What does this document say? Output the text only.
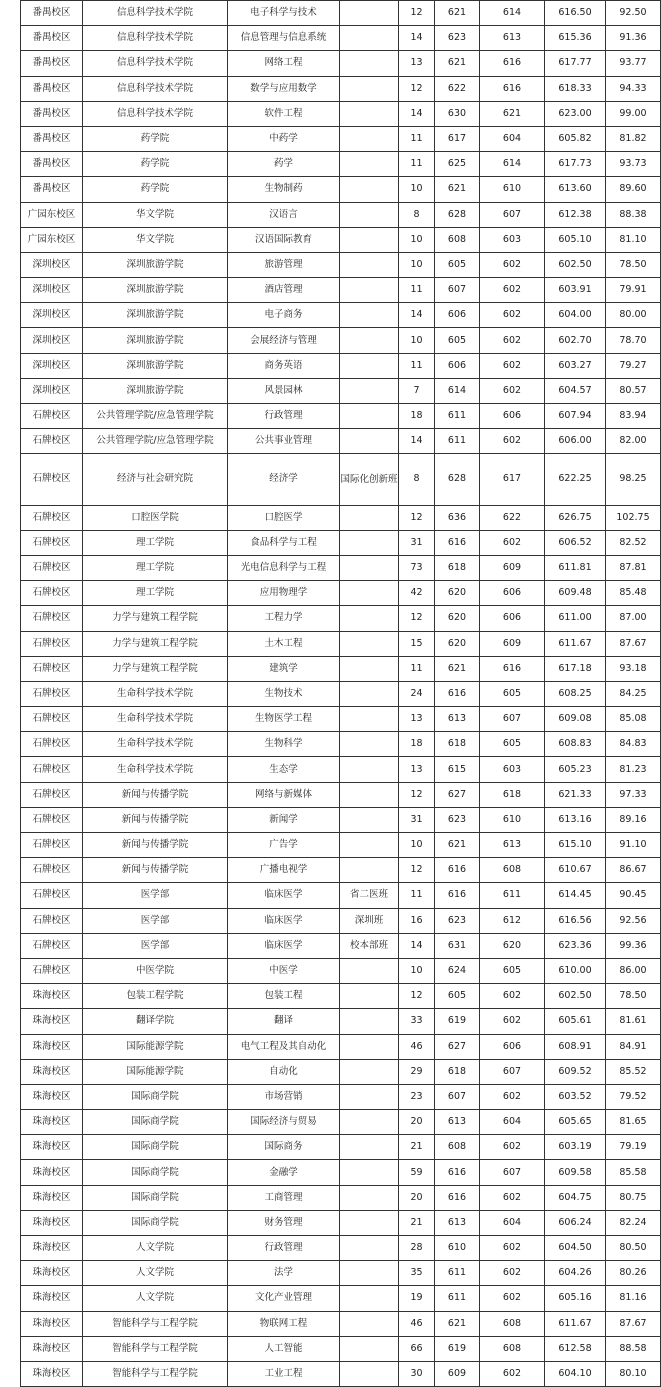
番禺校区	信息科学技术学院	电子科学与技术		12	621	614	616.50	92.50
番禺校区	信息科学技术学院	信息管理与信息系统		14	623	613	615.36	91.36
番禺校区	信息科学技术学院	网络工程		13	621	616	617.77	93.77
番禺校区	信息科学技术学院	数学与应用数学		12	622	616	618.33	94.33
番禺校区	信息科学技术学院	软件工程		14	630	621	623.00	99.00
番禺校区	药学院	中药学		11	617	604	605.82	81.82
番禺校区	药学院	药学		11	625	614	617.73	93.73
番禺校区	药学院	生物制药		10	621	610	613.60	89.60
广园东校区	华文学院	汉语言		8	628	607	612.38	88.38
广园东校区	华文学院	汉语国际教育		10	608	603	605.10	81.10
深圳校区	深圳旅游学院	旅游管理		10	605	602	602.50	78.50
深圳校区	深圳旅游学院	酒店管理		11	607	602	603.91	79.91
深圳校区	深圳旅游学院	电子商务		14	606	602	604.00	80.00
深圳校区	深圳旅游学院	会展经济与管理		10	605	602	602.70	78.70
深圳校区	深圳旅游学院	商务英语		11	606	602	603.27	79.27
深圳校区	深圳旅游学院	风景园林		7	614	602	604.57	80.57
石牌校区	公共管理学院/应急管理学院	行政管理		18	611	606	607.94	83.94
石牌校区	公共管理学院/应急管理学院	公共事业管理		14	611	602	606.00	82.00
石牌校区	经济与社会研究院	经济学	国际化创新班	8	628	617	622.25	98.25
石牌校区	口腔医学院	口腔医学		12	636	622	626.75	102.75
石牌校区	理工学院	食品科学与工程		31	616	602	606.52	82.52
石牌校区	理工学院	光电信息科学与工程		73	618	609	611.81	87.81
石牌校区	理工学院	应用物理学		42	620	606	609.48	85.48
石牌校区	力学与建筑工程学院	工程力学		12	620	606	611.00	87.00
石牌校区	力学与建筑工程学院	土木工程		15	620	609	611.67	87.67
石牌校区	力学与建筑工程学院	建筑学		11	621	616	617.18	93.18
石牌校区	生命科学技术学院	生物技术		24	616	605	608.25	84.25
石牌校区	生命科学技术学院	生物医学工程		13	613	607	609.08	85.08
石牌校区	生命科学技术学院	生物科学		18	618	605	608.83	84.83
石牌校区	生命科学技术学院	生态学		13	615	603	605.23	81.23
石牌校区	新闻与传播学院	网络与新媒体		12	627	618	621.33	97.33
石牌校区	新闻与传播学院	新闻学		31	623	610	613.16	89.16
石牌校区	新闻与传播学院	广告学		10	621	613	615.10	91.10
石牌校区	新闻与传播学院	广播电视学		12	616	608	610.67	86.67
石牌校区	医学部	临床医学	省二医班	11	616	611	614.45	90.45
石牌校区	医学部	临床医学	深圳班	16	623	612	616.56	92.56
石牌校区	医学部	临床医学	校本部班	14	631	620	623.36	99.36
石牌校区	中医学院	中医学		10	624	605	610.00	86.00
珠海校区	包装工程学院	包装工程		12	605	602	602.50	78.50
珠海校区	翻译学院	翻译		33	619	602	605.61	81.61
珠海校区	国际能源学院	电气工程及其自动化		46	627	606	608.91	84.91
珠海校区	国际能源学院	自动化		29	618	607	609.52	85.52
珠海校区	国际商学院	市场营销		23	607	602	603.52	79.52
珠海校区	国际商学院	国际经济与贸易		20	613	604	605.65	81.65
珠海校区	国际商学院	国际商务		21	608	602	603.19	79.19
珠海校区	国际商学院	金融学		59	616	607	609.58	85.58
珠海校区	国际商学院	工商管理		20	616	602	604.75	80.75
珠海校区	国际商学院	财务管理		21	613	604	606.24	82.24
珠海校区	人文学院	行政管理		28	610	602	604.50	80.50
珠海校区	人文学院	法学		35	611	602	604.26	80.26
珠海校区	人文学院	文化产业管理		19	611	602	605.16	81.16
珠海校区	智能科学与工程学院	物联网工程		46	621	608	611.67	87.67
珠海校区	智能科学与工程学院	人工智能		66	619	608	612.58	88.58
珠海校区	智能科学与工程学院	工业工程		30	609	602	604.10	80.10
